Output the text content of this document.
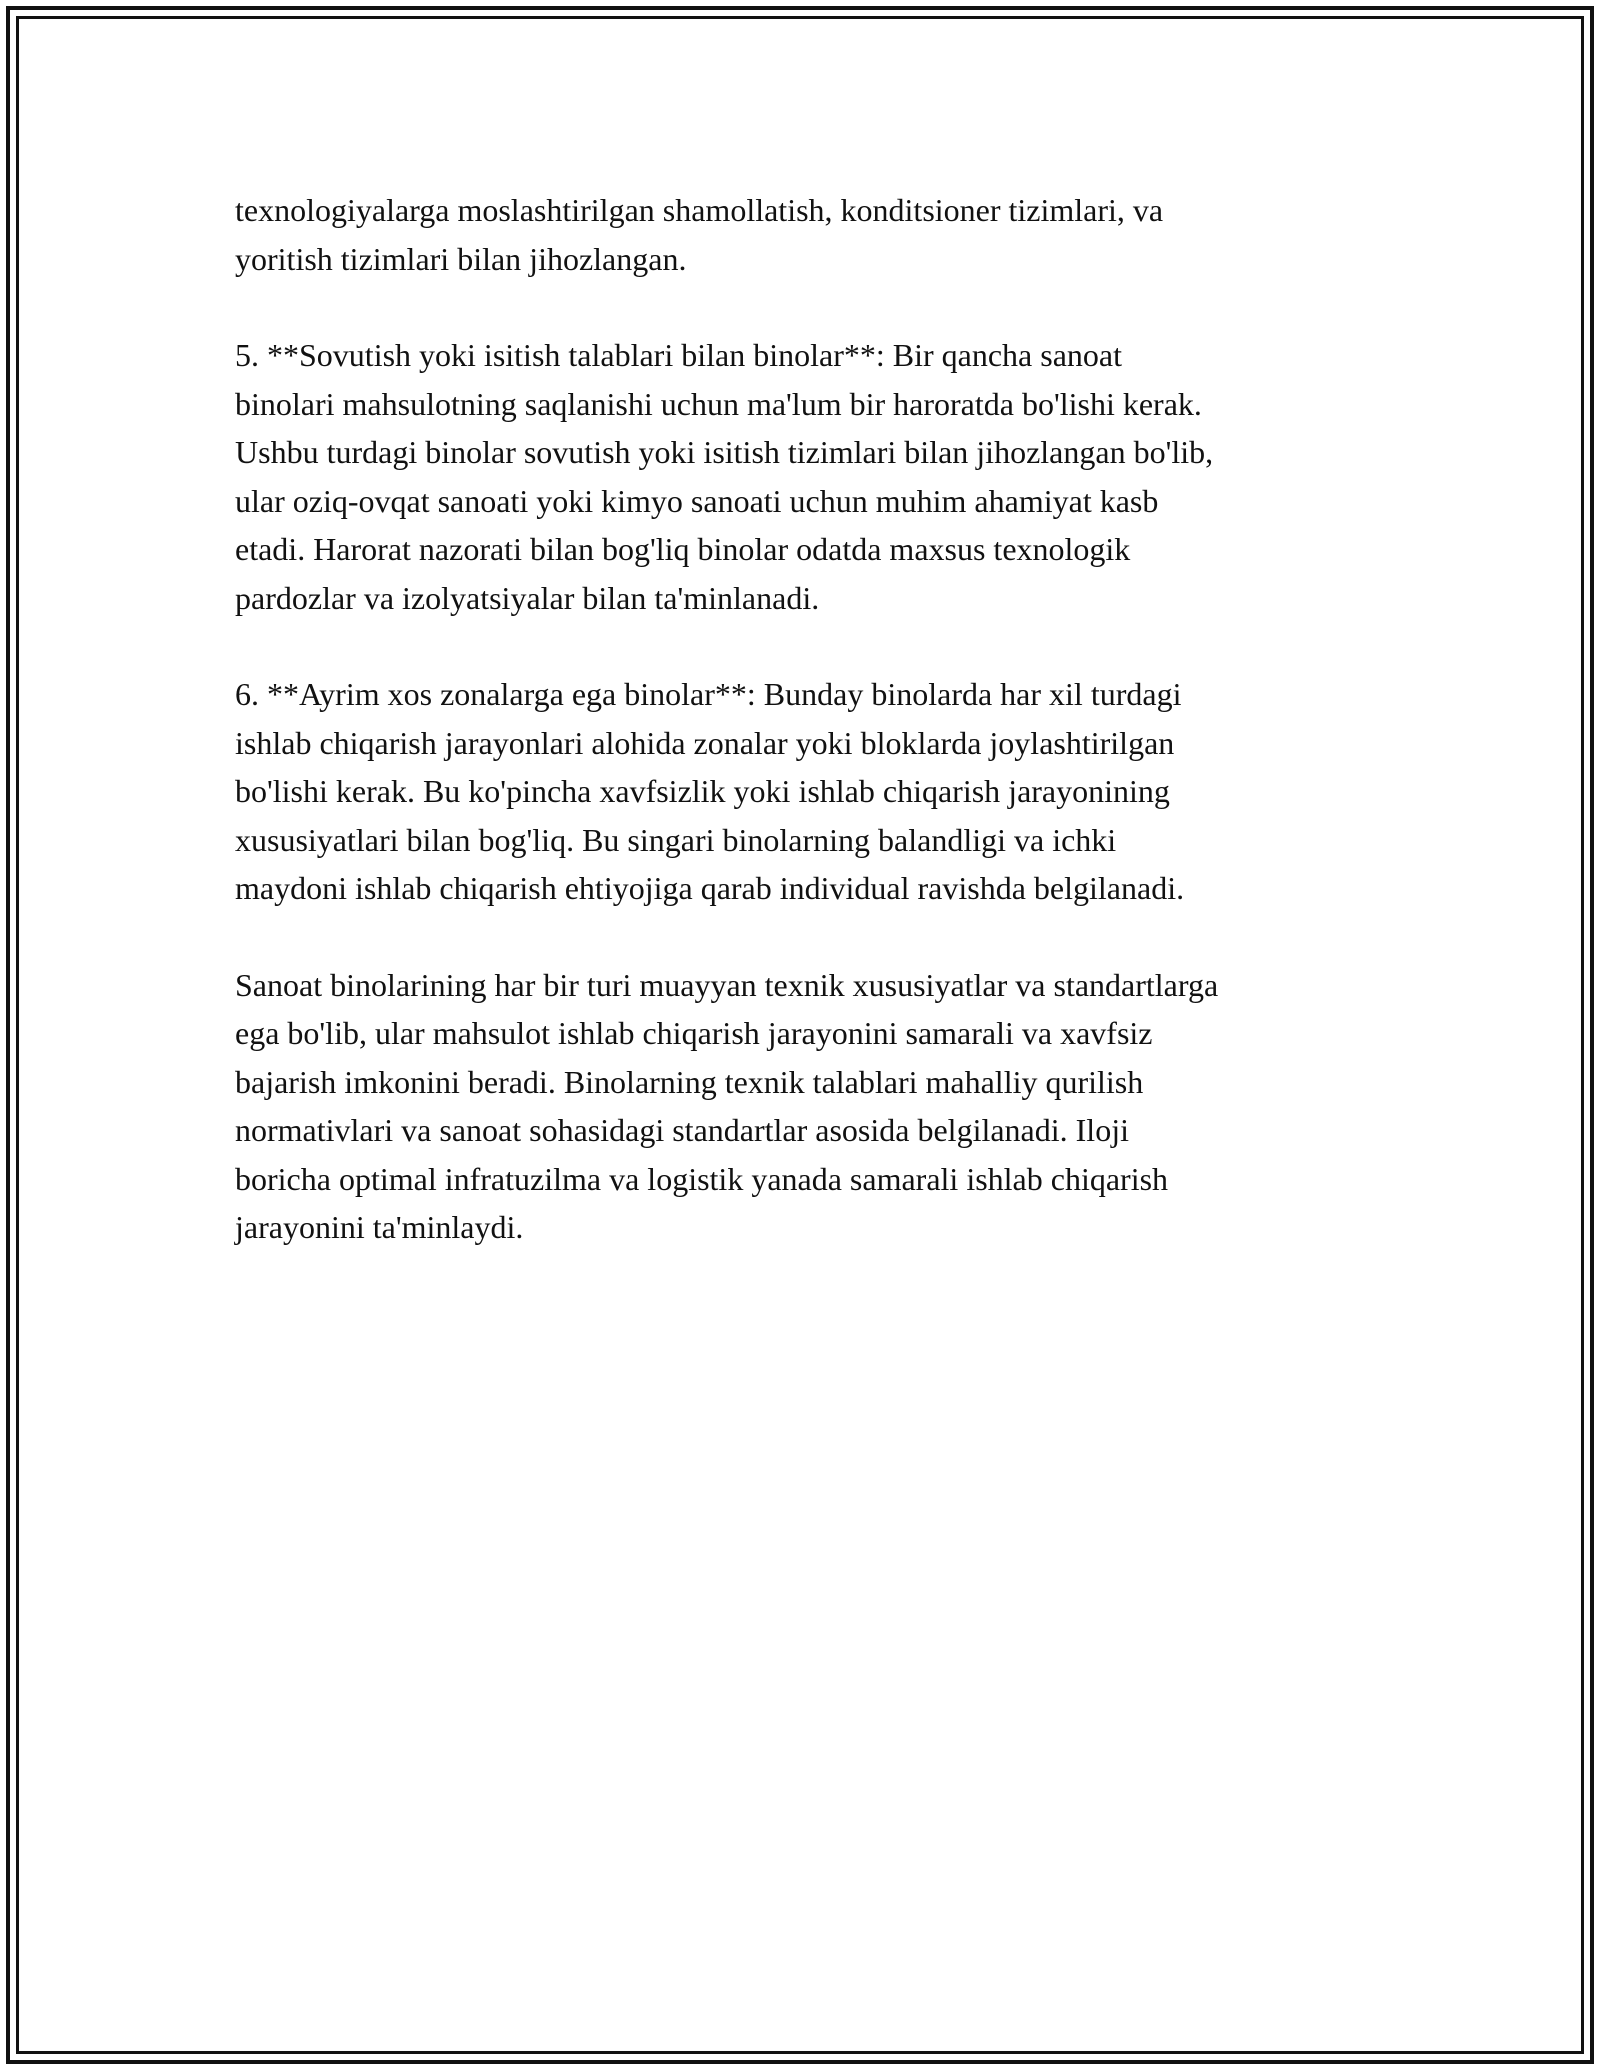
texnologiyalarga moslashtirilgan shamollatish, konditsioner tizimlari, va
yoritish tizimlari bilan jihozlangan.

5. **Sovutish yoki isitish talablari bilan binolar**: Bir qancha sanoat
binolari mahsulotning saqlanishi uchun ma'lum bir haroratda bo'lishi kerak.
Ushbu turdagi binolar sovutish yoki isitish tizimlari bilan jihozlangan bo'lib,
ular oziq-ovqat sanoati yoki kimyo sanoati uchun muhim ahamiyat kasb
etadi. Harorat nazorati bilan bog'liq binolar odatda maxsus texnologik
pardozlar va izolyatsiyalar bilan ta'minlanadi.

6. **Ayrim xos zonalarga ega binolar**: Bunday binolarda har xil turdagi
ishlab chiqarish jarayonlari alohida zonalar yoki bloklarda joylashtirilgan
bo'lishi kerak. Bu ko'pincha xavfsizlik yoki ishlab chiqarish jarayonining
xususiyatlari bilan bog'liq. Bu singari binolarning balandligi va ichki
maydoni ishlab chiqarish ehtiyojiga qarab individual ravishda belgilanadi.

Sanoat binolarining har bir turi muayyan texnik xususiyatlar va standartlarga
ega bo'lib, ular mahsulot ishlab chiqarish jarayonini samarali va xavfsiz
bajarish imkonini beradi. Binolarning texnik talablari mahalliy qurilish
normativlari va sanoat sohasidagi standartlar asosida belgilanadi. Iloji
boricha optimal infratuzilma va logistik yanada samarali ishlab chiqarish
jarayonini ta'minlaydi.
